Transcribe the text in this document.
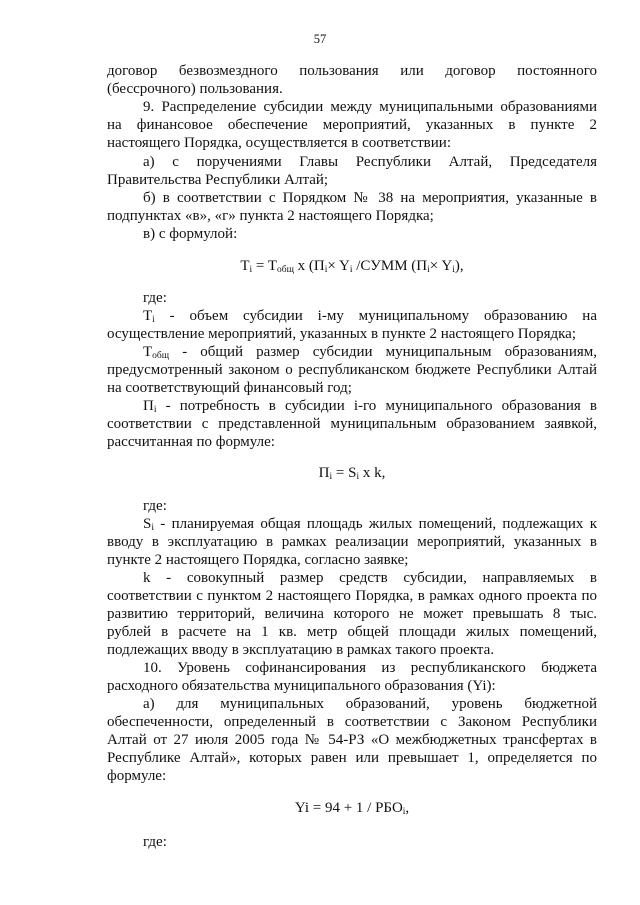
57
договор безвозмездного пользования или договор постоянного
(бессрочного) пользования.
9. Распределение субсидии между муниципальными образованиями
на финансовое обеспечение мероприятий, указанных в пункте 2
настоящего Порядка, осуществляется в соответствии:
а) с поручениями Главы Республики Алтай, Председателя
Правительства Республики Алтай;
б) в соответствии с Порядком № 38 на мероприятия, указанные в
подпунктах «в», «г» пункта 2 настоящего Порядка;
в) с формулой:
$T_i = T_{общ}$ х ($П_i\times Y_i$ /СУММ $(П_i\times Y_i)$,
где:
$T_i$ - объем субсидии i-му муниципальному образованию на
осуществление мероприятий, указанных в пункте 2 настоящего Порядка;
$T_{общ}$ - общий размер субсидии муниципальным образованиям,
предусмотренный законом о республиканском бюджете Республики Алтай
на соответствующий финансовый год;
$П_i$ - потребность в субсидии i-го муниципального образования в
соответствии с представленной муниципальным образованием заявкой,
рассчитанная по формуле:
$П_i = S_i$ х k,
где:
$S_i$ - планируемая общая площадь жилых помещений, подлежащих к
вводу в эксплуатацию в рамках реализации мероприятий, указанных в
пункте 2 настоящего Порядка, согласно заявке;
k - совокупный размер средств субсидии, направляемых в
соответствии с пунктом 2 настоящего Порядка, в рамках одного проекта по
развитию территорий, величина которого не может превышать 8 тыс.
рублей в расчете на 1 кв. метр общей площади жилых помещений,
подлежащих вводу в эксплуатацию в рамках такого проекта.
10. Уровень софинансирования из республиканского бюджета
расходного обязательства муниципального образования (Yi):
а) для муниципальных образований, уровень бюджетной
обеспеченности, определенный в соответствии с Законом Республики
Алтай от 27 июля 2005 года № 54-РЗ «О межбюджетных трансфертах в
Республике Алтай», которых равен или превышает 1, определяется по
формуле:
$Yi = 94 + 1 / РБО_i$,
где:
